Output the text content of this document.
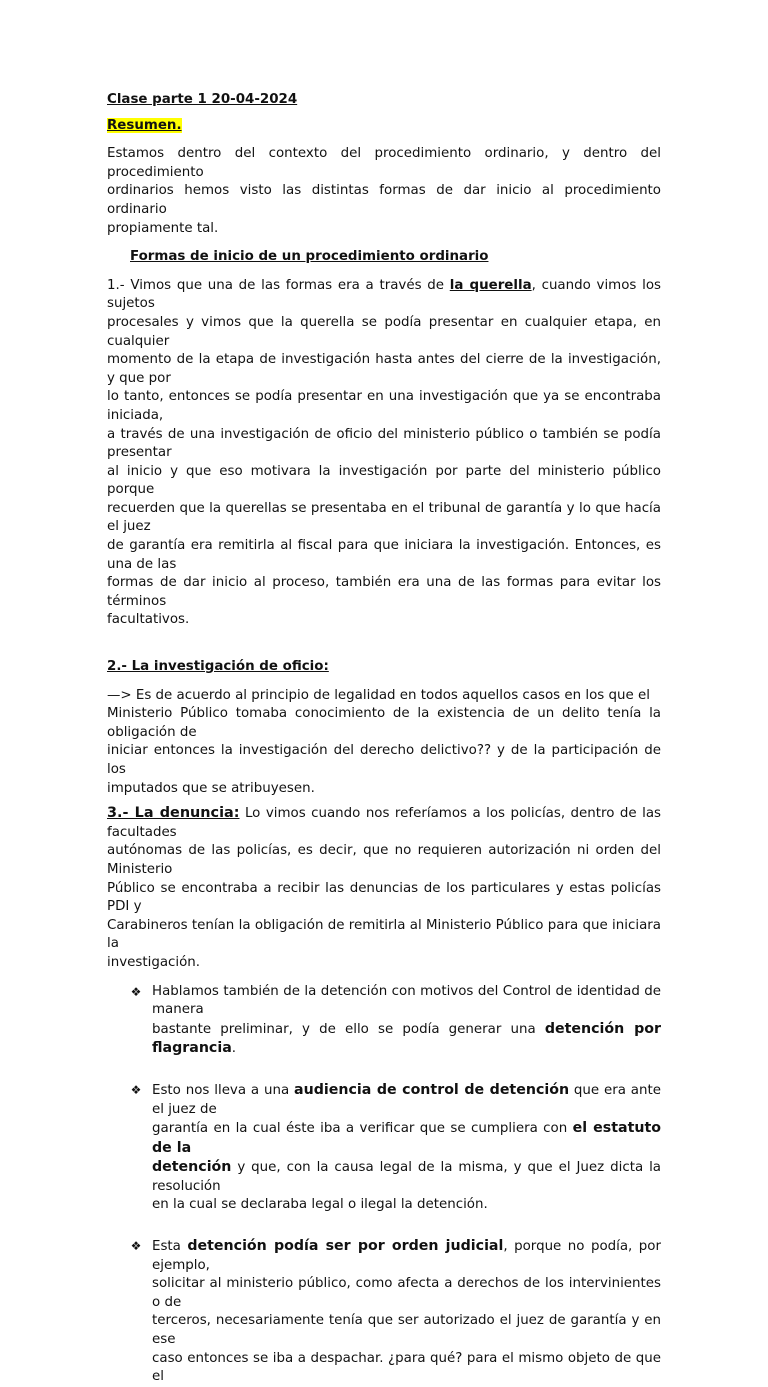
Clase parte 1 20-04-2024

Resumen.

Estamos dentro del contexto del procedimiento ordinario, y dentro del procedimiento
ordinarios hemos visto las distintas formas de dar inicio al procedimiento ordinario
propiamente tal.

Formas de inicio de un procedimiento ordinario

1.- Vimos que una de las formas era a través de la querella, cuando vimos los sujetos
procesales y vimos que la querella se podía presentar en cualquier etapa, en cualquier
momento de la etapa de investigación hasta antes del cierre de la investigación, y que por
lo tanto, entonces se podía presentar en una investigación que ya se encontraba iniciada,
a través de una investigación de oficio del ministerio público o también se podía presentar
al inicio y que eso motivara la investigación por parte del ministerio público porque
recuerden que la querellas se presentaba en el tribunal de garantía y lo que hacía el juez
de garantía era remitirla al fiscal para que iniciara la investigación. Entonces, es una de las
formas de dar inicio al proceso, también era una de las formas para evitar los términos
facultativos.

2.- La investigación de oficio:

—> Es de acuerdo al principio de legalidad en todos aquellos casos en los que el
Ministerio Público tomaba conocimiento de la existencia de un delito tenía la obligación de
iniciar entonces la investigación del derecho delictivo?? y de la participación de los
imputados que se atribuyesen.

3.- La denuncia: Lo vimos cuando nos referíamos a los policías, dentro de las facultades
autónomas de las policías, es decir, que no requieren autorización ni orden del Ministerio
Público se encontraba a recibir las denuncias de los particulares y estas policías PDI y
Carabineros tenían la obligación de remitirla al Ministerio Público para que iniciara la
investigación.

❖ Hablamos también de la detención con motivos del Control de identidad de manera
bastante preliminar, y de ello se podía generar una detención por flagrancia.
❖ Esto nos lleva a una audiencia de control de detención que era ante el juez de
garantía en la cual éste iba a verificar que se cumpliera con el estatuto de la
detención y que, con la causa legal de la misma, y que el Juez dicta la resolución
en la cual se declaraba legal o ilegal la detención.
❖ Esta detención podía ser por orden judicial, porque no podía, por ejemplo,
solicitar al ministerio público, como afecta a derechos de los intervinientes o de
terceros, necesariamente tenía que ser autorizado el juez de garantía y en ese
caso entonces se iba a despachar. ¿para qué? para el mismo objeto de que el
